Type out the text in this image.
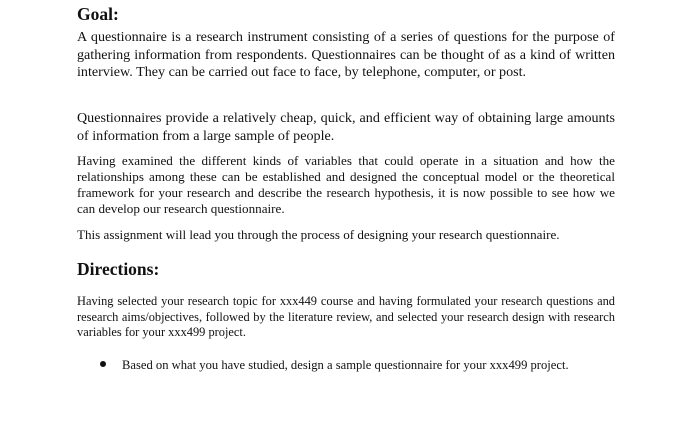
Goal:

A questionnaire is a research instrument consisting of a series of questions for the purpose of gathering information from respondents. Questionnaires can be thought of as a kind of written interview. They can be carried out face to face, by telephone, computer, or post.

Questionnaires provide a relatively cheap, quick, and efficient way of obtaining large amounts of information from a large sample of people.

Having examined the different kinds of variables that could operate in a situation and how the relationships among these can be established and designed the conceptual model or the theoretical framework for your research and describe the research hypothesis, it is now possible to see how we can develop our research questionnaire.

This assignment will lead you through the process of designing your research questionnaire.

Directions:

Having selected your research topic for xxx449 course and having formulated your research questions and research aims/objectives, followed by the literature review, and selected your research design with research variables for your xxx499 project.

Based on what you have studied, design a sample questionnaire for your xxx499 project.
